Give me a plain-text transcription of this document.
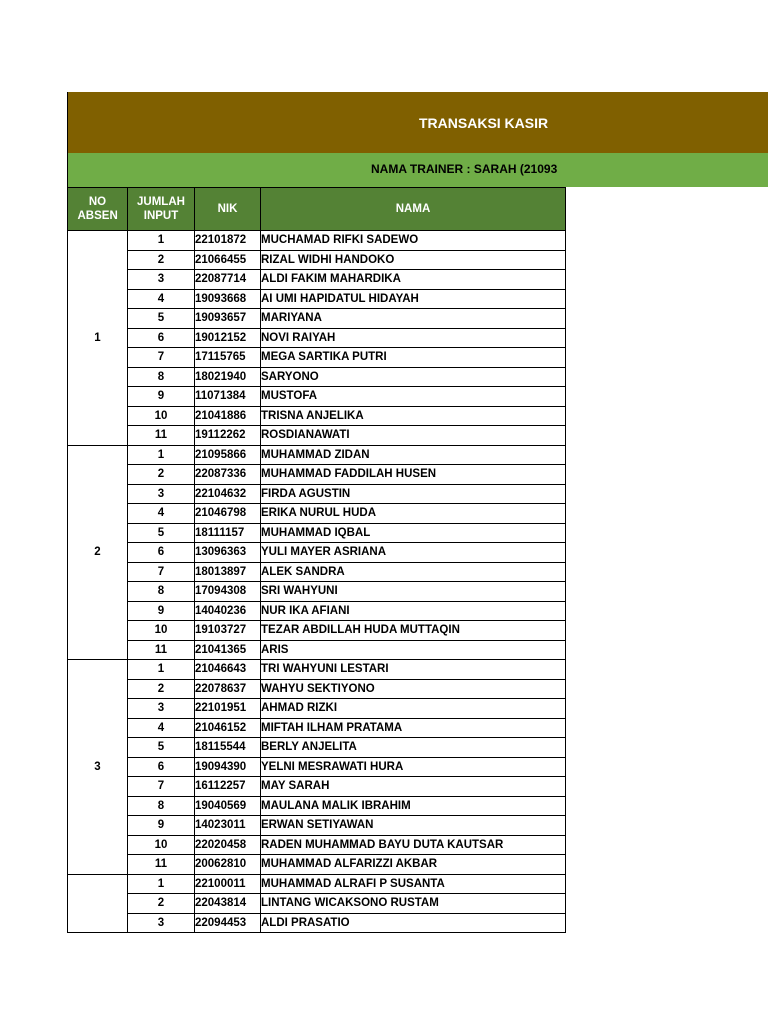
TRANSAKSI KASIR
NAMA TRAINER : SARAH (21093
NO ABSEN	JUMLAH INPUT	NIK	NAMA
1	1	22101872	MUCHAMAD RIFKI SADEWO
	2	21066455	RIZAL WIDHI HANDOKO
	3	22087714	ALDI FAKIM MAHARDIKA
	4	19093668	AI UMI HAPIDATUL HIDAYAH
	5	19093657	MARIYANA
	6	19012152	NOVI RAIYAH
	7	17115765	MEGA SARTIKA PUTRI
	8	18021940	SARYONO
	9	11071384	MUSTOFA
	10	21041886	TRISNA ANJELIKA
	11	19112262	ROSDIANAWATI
2	1	21095866	MUHAMMAD ZIDAN
	2	22087336	MUHAMMAD FADDILAH HUSEN
	3	22104632	FIRDA AGUSTIN
	4	21046798	ERIKA NURUL HUDA
	5	18111157	MUHAMMAD IQBAL
	6	13096363	YULI MAYER ASRIANA
	7	18013897	ALEK SANDRA
	8	17094308	SRI WAHYUNI
	9	14040236	NUR IKA AFIANI
	10	19103727	TEZAR ABDILLAH HUDA MUTTAQIN
	11	21041365	ARIS
3	1	21046643	TRI WAHYUNI LESTARI
	2	22078637	WAHYU SEKTIYONO
	3	22101951	AHMAD RIZKI
	4	21046152	MIFTAH ILHAM PRATAMA
	5	18115544	BERLY ANJELITA
	6	19094390	YELNI MESRAWATI HURA
	7	16112257	MAY SARAH
	8	19040569	MAULANA MALIK IBRAHIM
	9	14023011	ERWAN SETIYAWAN
	10	22020458	RADEN MUHAMMAD BAYU DUTA KAUTSAR
	11	20062810	MUHAMMAD ALFARIZZI AKBAR
	1	22100011	MUHAMMAD ALRAFI P SUSANTA
	2	22043814	LINTANG WICAKSONO RUSTAM
	3	22094453	ALDI PRASATIO
